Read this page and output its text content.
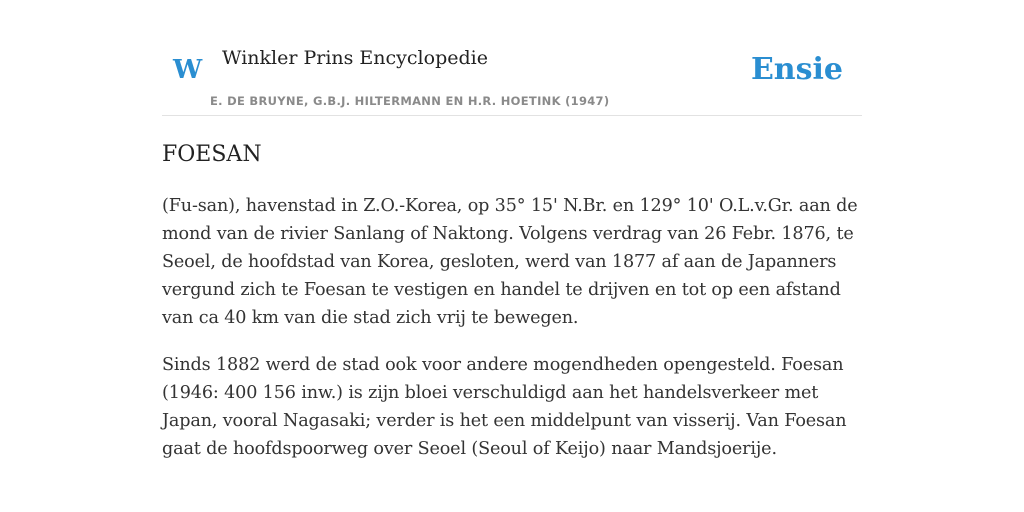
W Winkler Prins Encyclopedie
E. DE BRUYNE, G.B.J. HILTERMANN EN H.R. HOETINK (1947)
Ensie
FOESAN

(Fu-san), havenstad in Z.O.-Korea, op 35° 15' N.Br. en 129° 10' O.L.v.Gr. aan de mond van de rivier Sanlang of Naktong. Volgens verdrag van 26 Febr. 1876, te Seoel, de hoofdstad van Korea, gesloten, werd van 1877 af aan de Japanners vergund zich te Foesan te vestigen en handel te drijven en tot op een afstand van ca 40 km van die stad zich vrij te bewegen.

Sinds 1882 werd de stad ook voor andere mogendheden opengesteld. Foesan (1946: 400 156 inw.) is zijn bloei verschuldigd aan het handelsverkeer met Japan, vooral Nagasaki; verder is het een middelpunt van visserij. Van Foesan gaat de hoofdspoorweg over Seoel (Seoul of Keijo) naar Mandsjoerije.
